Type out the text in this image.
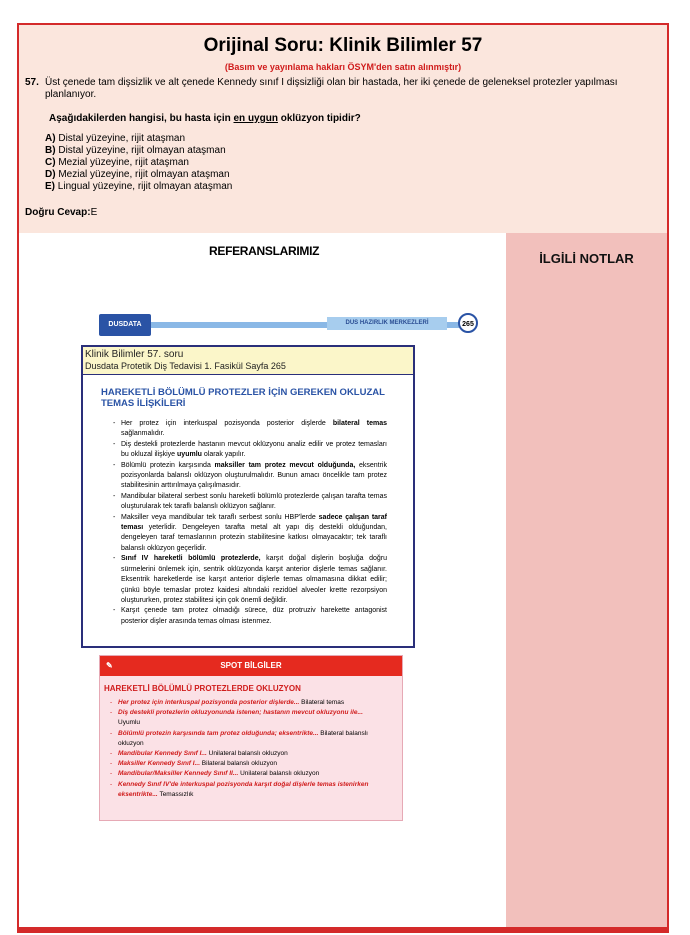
Orijinal Soru: Klinik Bilimler 57
(Basım ve yayınlama hakları ÖSYM'den satın alınmıştır)
57. Üst çenede tam dişsizlik ve alt çenede Kennedy sınıf I dişsizliği olan bir hastada, her iki çenede de geleneksel protezler yapılması planlanıyor.
Aşağıdakilerden hangisi, bu hasta için en uygun oklüzyon tipidir?
A) Distal yüzeyine, rijit ataşman
B) Distal yüzeyine, rijit olmayan ataşman
C) Mezial yüzeyine, rijit ataşman
D) Mezial yüzeyine, rijit olmayan ataşman
E) Lingual yüzeyine, rijit olmayan ataşman
Doğru Cevap:E
REFERANSLARIMIZ
DUSDATA	DUS HAZIRLIK MERKEZLERİ	265
Klinik Bilimler 57. soru
Dusdata Protetik Diş Tedavisi 1. Fasikül Sayfa 265
HAREKETLİ BÖLÜMLÜ PROTEZLER İÇİN GEREKEN OKLUZAL TEMAS İLİŞKİLERİ
- Her protez için interkuspal pozisyonda posterior dişlerde bilateral temas sağlanmalıdır.
- Diş destekli protezlerde hastanın mevcut oklüzyonu analiz edilir ve protez temasları bu okluzal ilişkiye uyumlu olarak yapılır.
- Bölümlü protezin karşısında maksiller tam protez mevcut olduğunda, eksentrik pozisyonlarda balanslı oklüzyon oluşturulmalıdır. Bunun amacı öncelikle tam protez stabilitesinin arttırılmaya çalışılmasıdır.
- Mandibular bilateral serbest sonlu hareketli bölümlü protezlerde çalışan tarafta temas oluşturularak tek taraflı balanslı oklüzyon sağlanır.
- Maksiller veya mandibular tek taraflı serbest sonlu HBP'lerde sadece çalışan taraf teması yeterlidir. Dengeleyen tarafta metal alt yapı diş destekli olduğundan, dengeleyen taraf temaslarının protezin stabilitesine katkısı olmayacaktır; tek taraflı balanslı oklüzyon geçerlidir.
- Sınıf IV hareketli bölümlü protezlerde, karşıt doğal dişlerin boşluğa doğru sürmelerini önlemek için, sentrik oklüzyonda karşıt anterior dişlerle temas sağlanır. Eksentrik hareketlerde ise karşıt anterior dişlerle temas olmamasına dikkat edilir; çünkü böyle temaslar protez kaidesi altındaki rezidüel alveoler krette rezorpsiyon oluştururken, protez stabilitesi için çok önemli değildir.
- Karşıt çenede tam protez olmadığı sürece, düz protruziv harekette antagonist posterior dişler arasında temas olması istenmez.
✎	SPOT BİLGİLER
HAREKETLİ BÖLÜMLÜ PROTEZLERDE OKLUZYON
- Her protez için interkuspal pozisyonda posterior dişlerde... Bilateral temas
- Diş destekli protezlerin okluzyonunda istenen; hastanın mevcut okluzyonu ile... Uyumlu
- Bölümlü protezin karşısında tam protez olduğunda; eksentrikte... Bilateral balanslı okluzyon
- Mandibular Kennedy Sınıf I... Unilateral balanslı okluzyon
- Maksiller Kennedy Sınıf I... Bilateral balanslı okluzyon
- Mandibular/Maksiller Kennedy Sınıf II... Unilateral balanslı okluzyon
- Kennedy Sınıf IV'de interkuspal pozisyonda karşıt doğal dişlerle temas istenirken eksentrikte... Temassızlık
İLGİLİ NOTLAR
